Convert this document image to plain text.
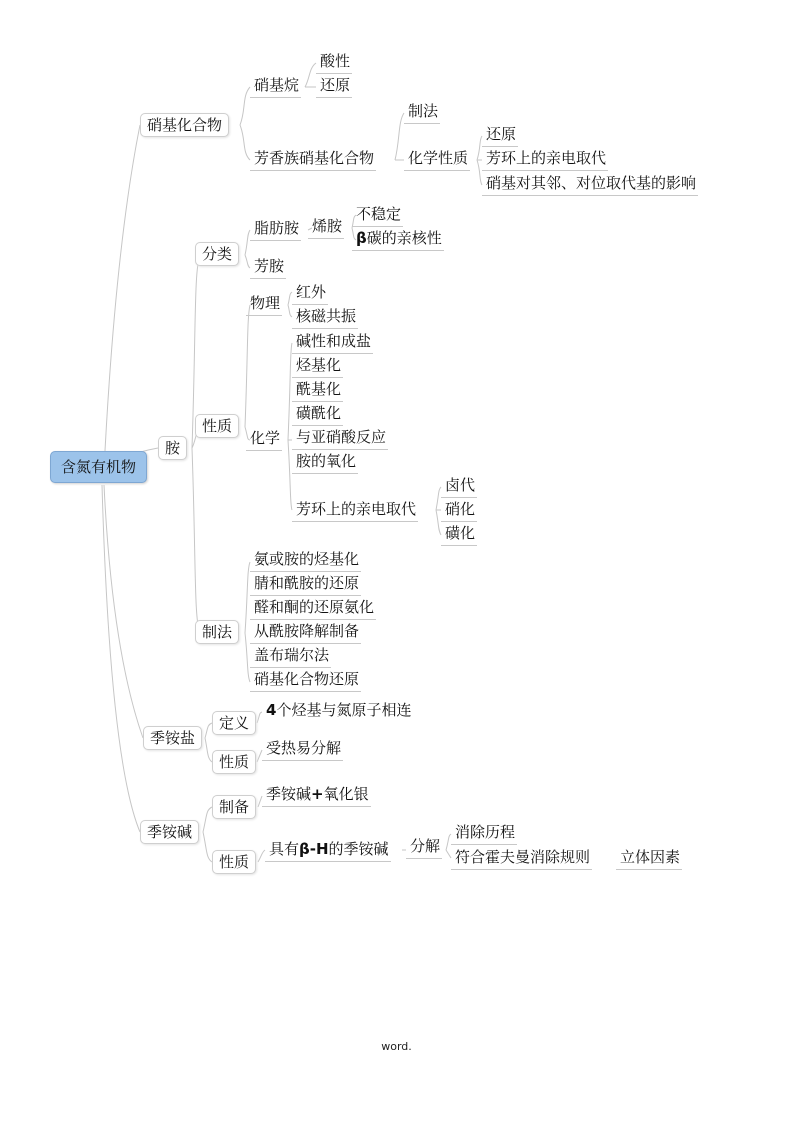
含氮有机物
硝基化合物
硝基烷
酸性
还原
芳香族硝基化合物
制法
化学性质
还原
芳环上的亲电取代
硝基对其邻、对位取代基的影响
胺
分类
脂肪胺 烯胺
不稳定
β碳的亲核性
芳胺
性质
物理
红外
核磁共振
化学
碱性和成盐
烃基化
酰基化
磺酰化
与亚硝酸反应
胺的氧化
芳环上的亲电取代
卤代
硝化
磺化
制法
氨或胺的烃基化
腈和酰胺的还原
醛和酮的还原氨化
从酰胺降解制备
盖布瑞尔法
硝基化合物还原
季铵盐
定义
4个烃基与氮原子相连
性质
受热易分解
季铵碱
制备
季铵碱+氧化银
性质
具有β-H的季铵碱 分解
消除历程
符合霍夫曼消除规则 立体因素
word.
